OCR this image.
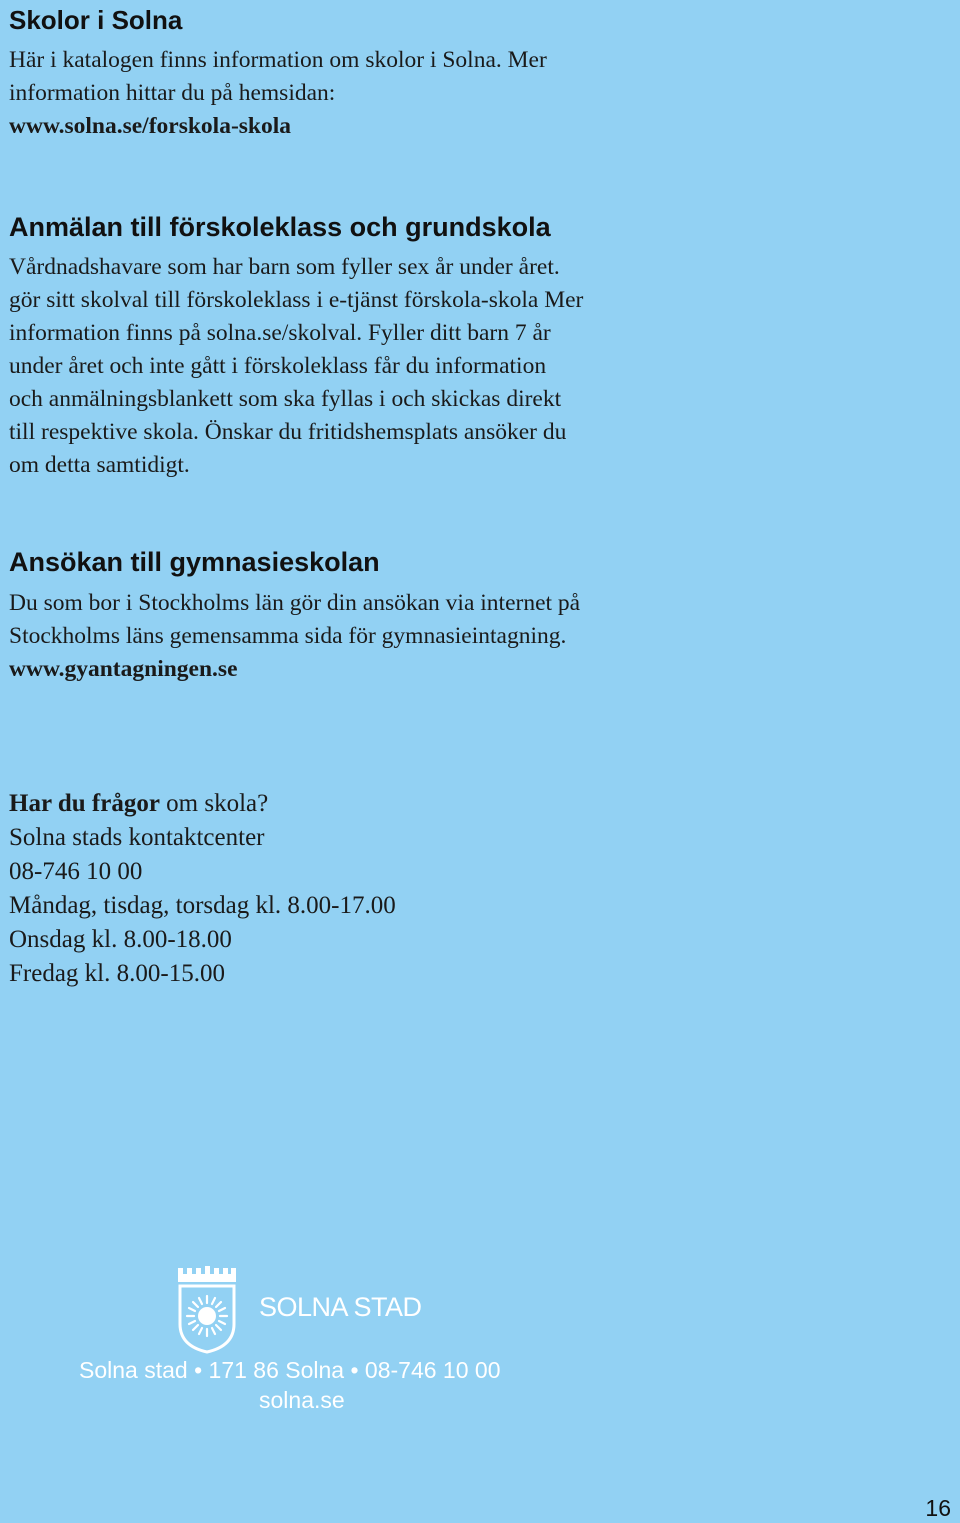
Skolor i Solna

Här i katalogen finns information om skolor i Solna. Mer
information hittar du på hemsidan:
www.solna.se/forskola-skola

Anmälan till förskoleklass och grundskola

Vårdnadshavare som har barn som fyller sex år under året.
gör sitt skolval till förskoleklass i e-tjänst förskola-skola Mer
information finns på solna.se/skolval. Fyller ditt barn 7 år
under året och inte gått i förskoleklass får du information
och anmälningsblankett som ska fyllas i och skickas direkt
till respektive skola. Önskar du fritidshemsplats ansöker du
om detta samtidigt.

Ansökan till gymnasieskolan

Du som bor i Stockholms län gör din ansökan via internet på
Stockholms läns gemensamma sida för gymnasieintagning.
www.gyantagningen.se

Har du frågor om skola?
Solna stads kontaktcenter
08-746 10 00
Måndag, tisdag, torsdag kl. 8.00-17.00
Onsdag kl. 8.00-18.00
Fredag kl. 8.00-15.00
SOLNA STAD
Solna stad • 171 86 Solna • 08-746 10 00
solna.se
16
